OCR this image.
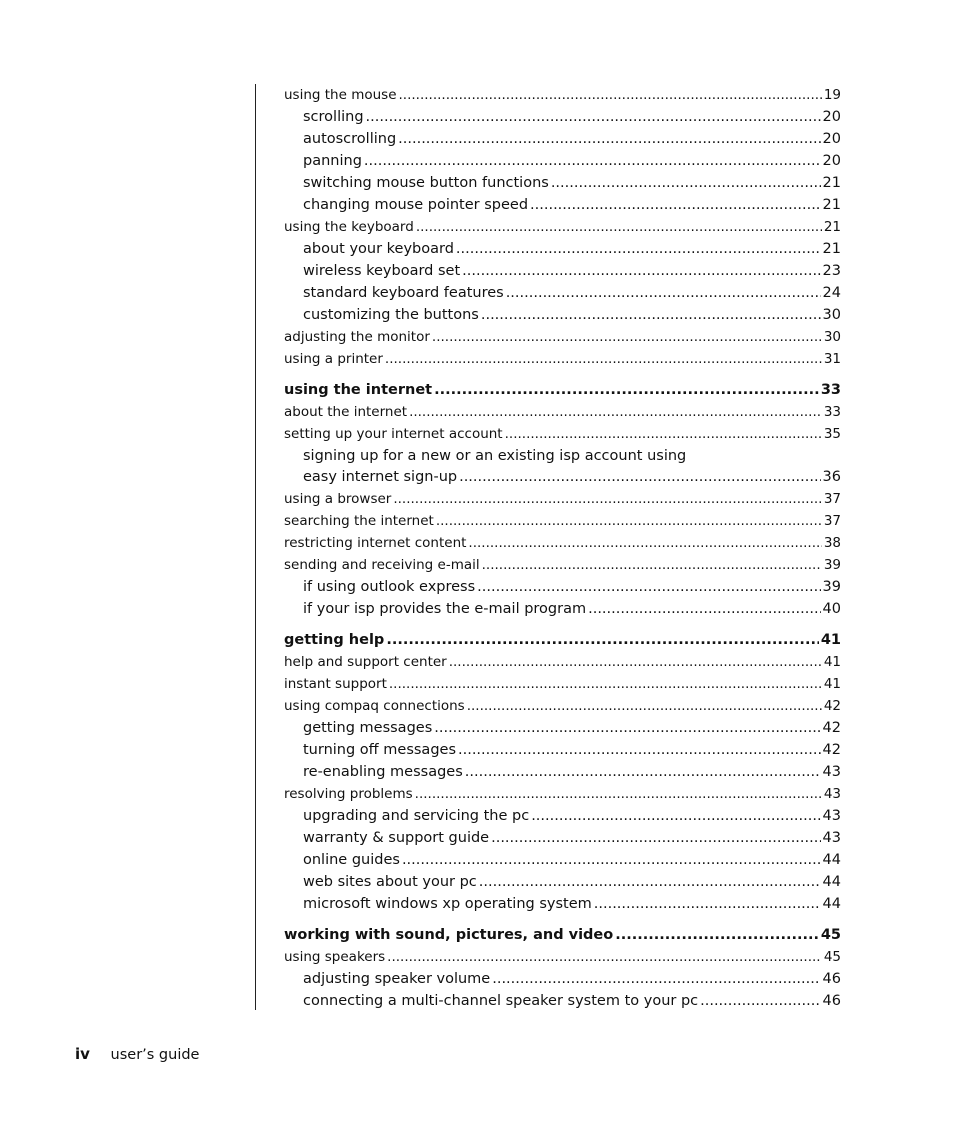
using the mouse .....	19
scrolling .....	20
autoscrolling .....	20
panning .....	20
switching mouse button functions .....	21
changing mouse pointer speed .....	21
using the keyboard .....	21
about your keyboard .....	21
wireless keyboard set .....	23
standard keyboard features .....	24
customizing the buttons .....	30
adjusting the monitor .....	30
using a printer .....	31
using the internet .....	33
about the internet .....	33
setting up your internet account .....	35
signing up for a new or an existing isp account using
easy internet sign-up .....	36
using a browser .....	37
searching the internet .....	37
restricting internet content .....	38
sending and receiving e-mail .....	39
if using outlook express .....	39
if your isp provides the e-mail program .....	40
getting help .....	41
help and support center .....	41
instant support .....	41
using compaq connections .....	42
getting messages .....	42
turning off messages .....	42
re-enabling messages .....	43
resolving problems .....	43
upgrading and servicing the pc .....	43
warranty & support guide .....	43
online guides .....	44
web sites about your pc .....	44
microsoft windows xp operating system .....	44
working with sound, pictures, and video .....	45
using speakers .....	45
adjusting speaker volume .....	46
connecting a multi-channel speaker system to your pc .....	46
iv user’s guide
